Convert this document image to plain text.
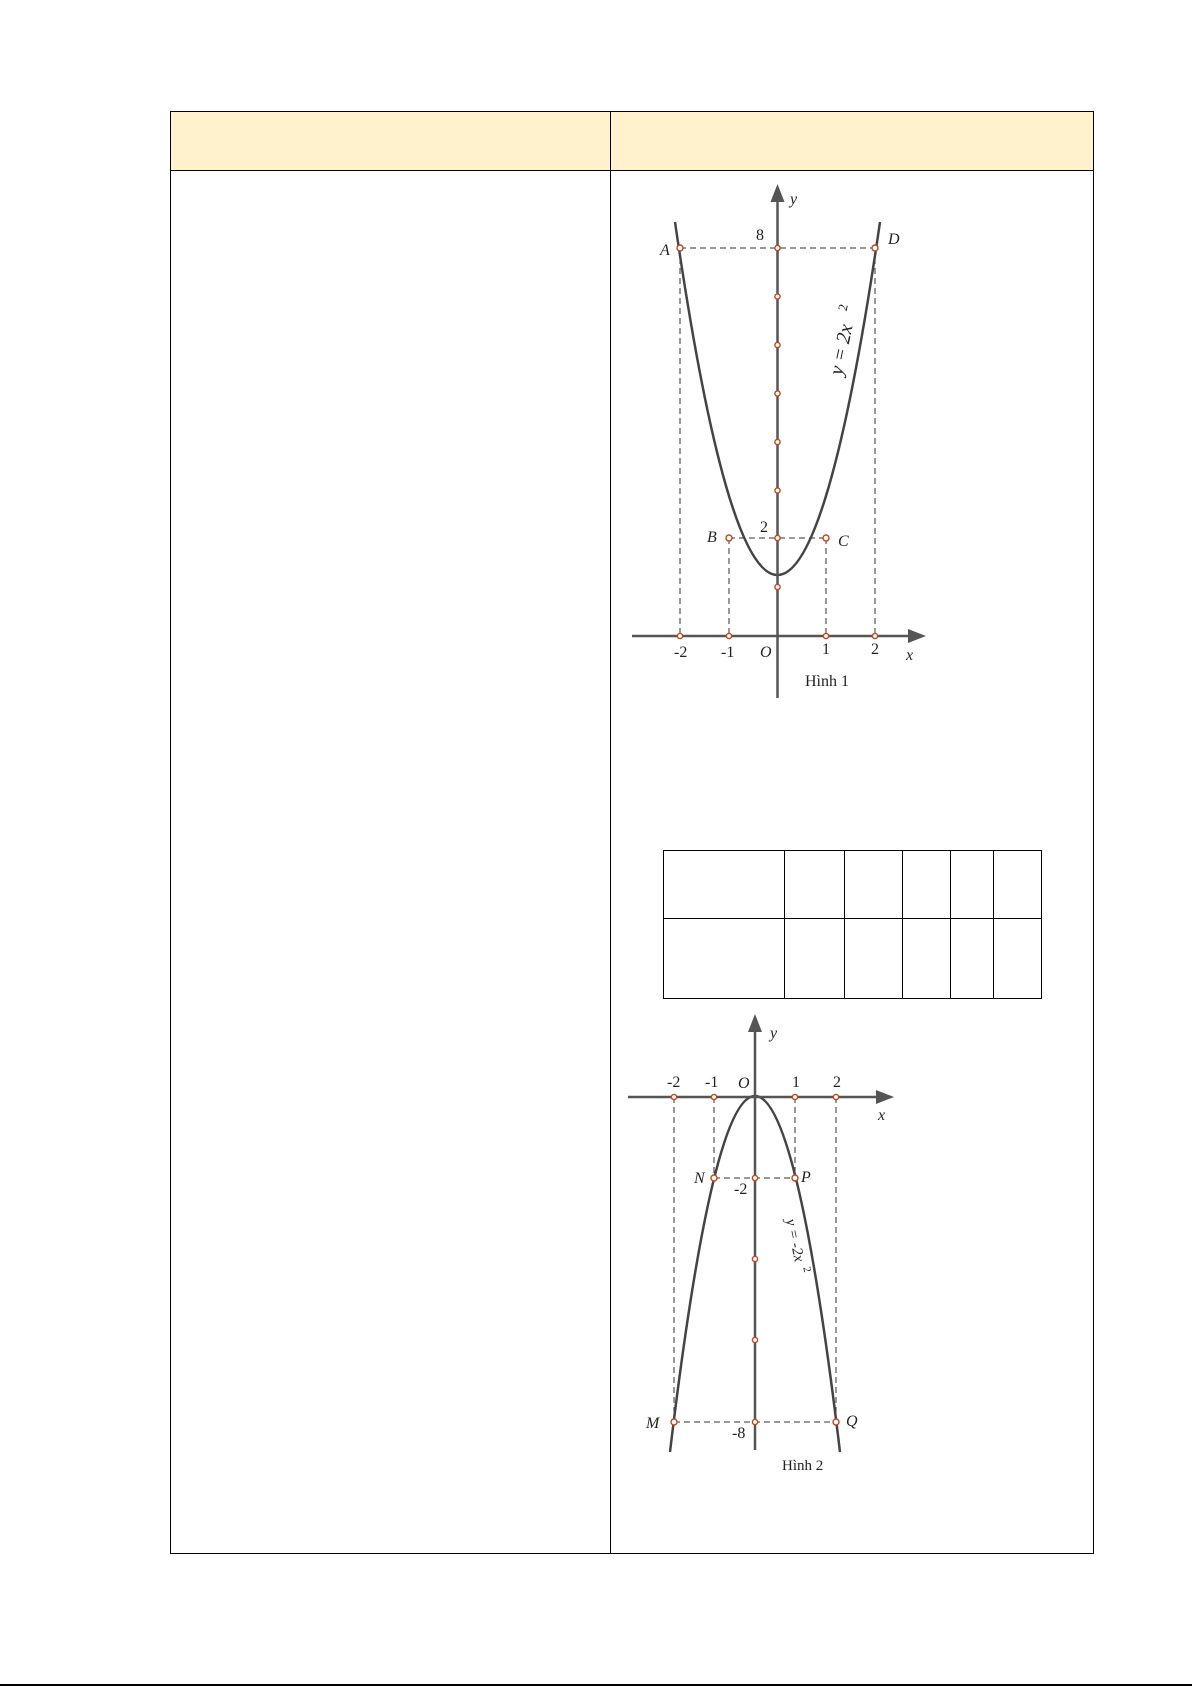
y
x
O
-2 -1	1	2
8
2
A
B	C
D
y = 2x
2
Hình 1

y
x
O
-2 -1	1 2
-2
-8
M
N	P
Q
y = -2x
2
Hình 2
